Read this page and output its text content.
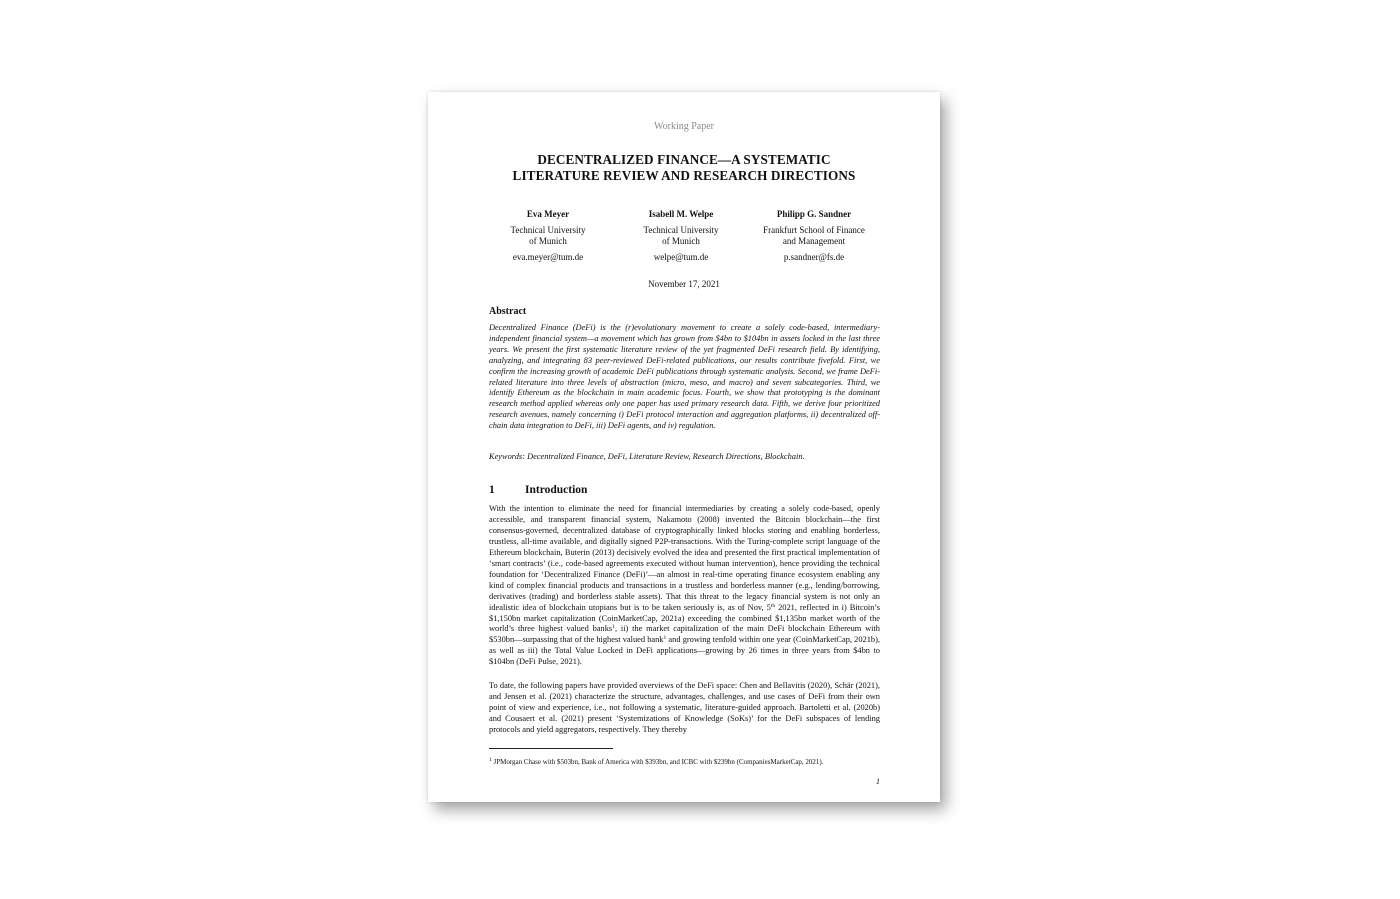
Working Paper
DECENTRALIZED FINANCE—A SYSTEMATIC
LITERATURE REVIEW AND RESEARCH DIRECTIONS
Eva Meyer
Technical University
of Munich
eva.meyer@tum.de
Isabell M. Welpe
Technical University
of Munich
welpe@tum.de
Philipp G. Sandner
Frankfurt School of Finance
and Management
p.sandner@fs.de
November 17, 2021
Abstract

Decentralized Finance (DeFi) is the (r)evolutionary movement to create a solely code-based, intermediary-independent financial system—a movement which has grown from $4bn to $104bn in assets locked in the last three years. We present the first systematic literature review of the yet fragmented DeFi research field. By identifying, analyzing, and integrating 83 peer-reviewed DeFi-related publications, our results contribute fivefold. First, we confirm the increasing growth of academic DeFi publications through systematic analysis. Second, we frame DeFi-related literature into three levels of abstraction (micro, meso, and macro) and seven subcategories. Third, we identify Ethereum as the blockchain in main academic focus. Fourth, we show that prototyping is the dominant research method applied whereas only one paper has used primary research data. Fifth, we derive four prioritized research avenues, namely concerning i) DeFi protocol interaction and aggregation platforms, ii) decentralized off-chain data integration to DeFi, iii) DeFi agents, and iv) regulation.

Keywords: Decentralized Finance, DeFi, Literature Review, Research Directions, Blockchain.
1	Introduction

With the intention to eliminate the need for financial intermediaries by creating a solely code-based, openly accessible, and transparent financial system, Nakamoto (2008) invented the Bitcoin blockchain—the first consensus-governed, decentralized database of cryptographically linked blocks storing and enabling borderless, trustless, all-time available, and digitally signed P2P-transactions. With the Turing-complete script language of the Ethereum blockchain, Buterin (2013) decisively evolved the idea and presented the first practical implementation of ‘smart contracts’ (i.e., code-based agreements executed without human intervention), hence providing the technical foundation for ‘Decentralized Finance (DeFi)’—an almost in real-time operating finance ecosystem enabling any kind of complex financial products and transactions in a trustless and borderless manner (e.g., lending/borrowing, derivatives (trading) and borderless stable assets). That this threat to the legacy financial system is not only an idealistic idea of blockchain utopians but is to be taken seriously is, as of Nov, 5th 2021, reflected in i) Bitcoin’s $1,150bn market capitalization (CoinMarketCap, 2021a) exceeding the combined $1,135bn market worth of the world’s three highest valued banks$^1$, ii) the market capitalization of the main DeFi blockchain Ethereum with $530bn—surpassing that of the highest valued bank$^1$ and growing tenfold within one year (CoinMarketCap, 2021b), as well as iii) the Total Value Locked in DeFi applications—growing by 26 times in three years from $4bn to $104bn (DeFi Pulse, 2021).

To date, the following papers have provided overviews of the DeFi space: Chen and Bellavitis (2020), Schär (2021), and Jensen et al. (2021) characterize the structure, advantages, challenges, and use cases of DeFi from their own point of view and experience, i.e., not following a systematic, literature-guided approach. Bartoletti et al. (2020b) and Cousaert et al. (2021) present ‘Systemizations of Knowledge (SoKs)’ for the DeFi subspaces of lending protocols and yield aggregators, respectively. They thereby

$^1$ JPMorgan Chase with $503bn, Bank of America with $393bn, and ICBC with $239bn (CompaniesMarketCap, 2021).
1
